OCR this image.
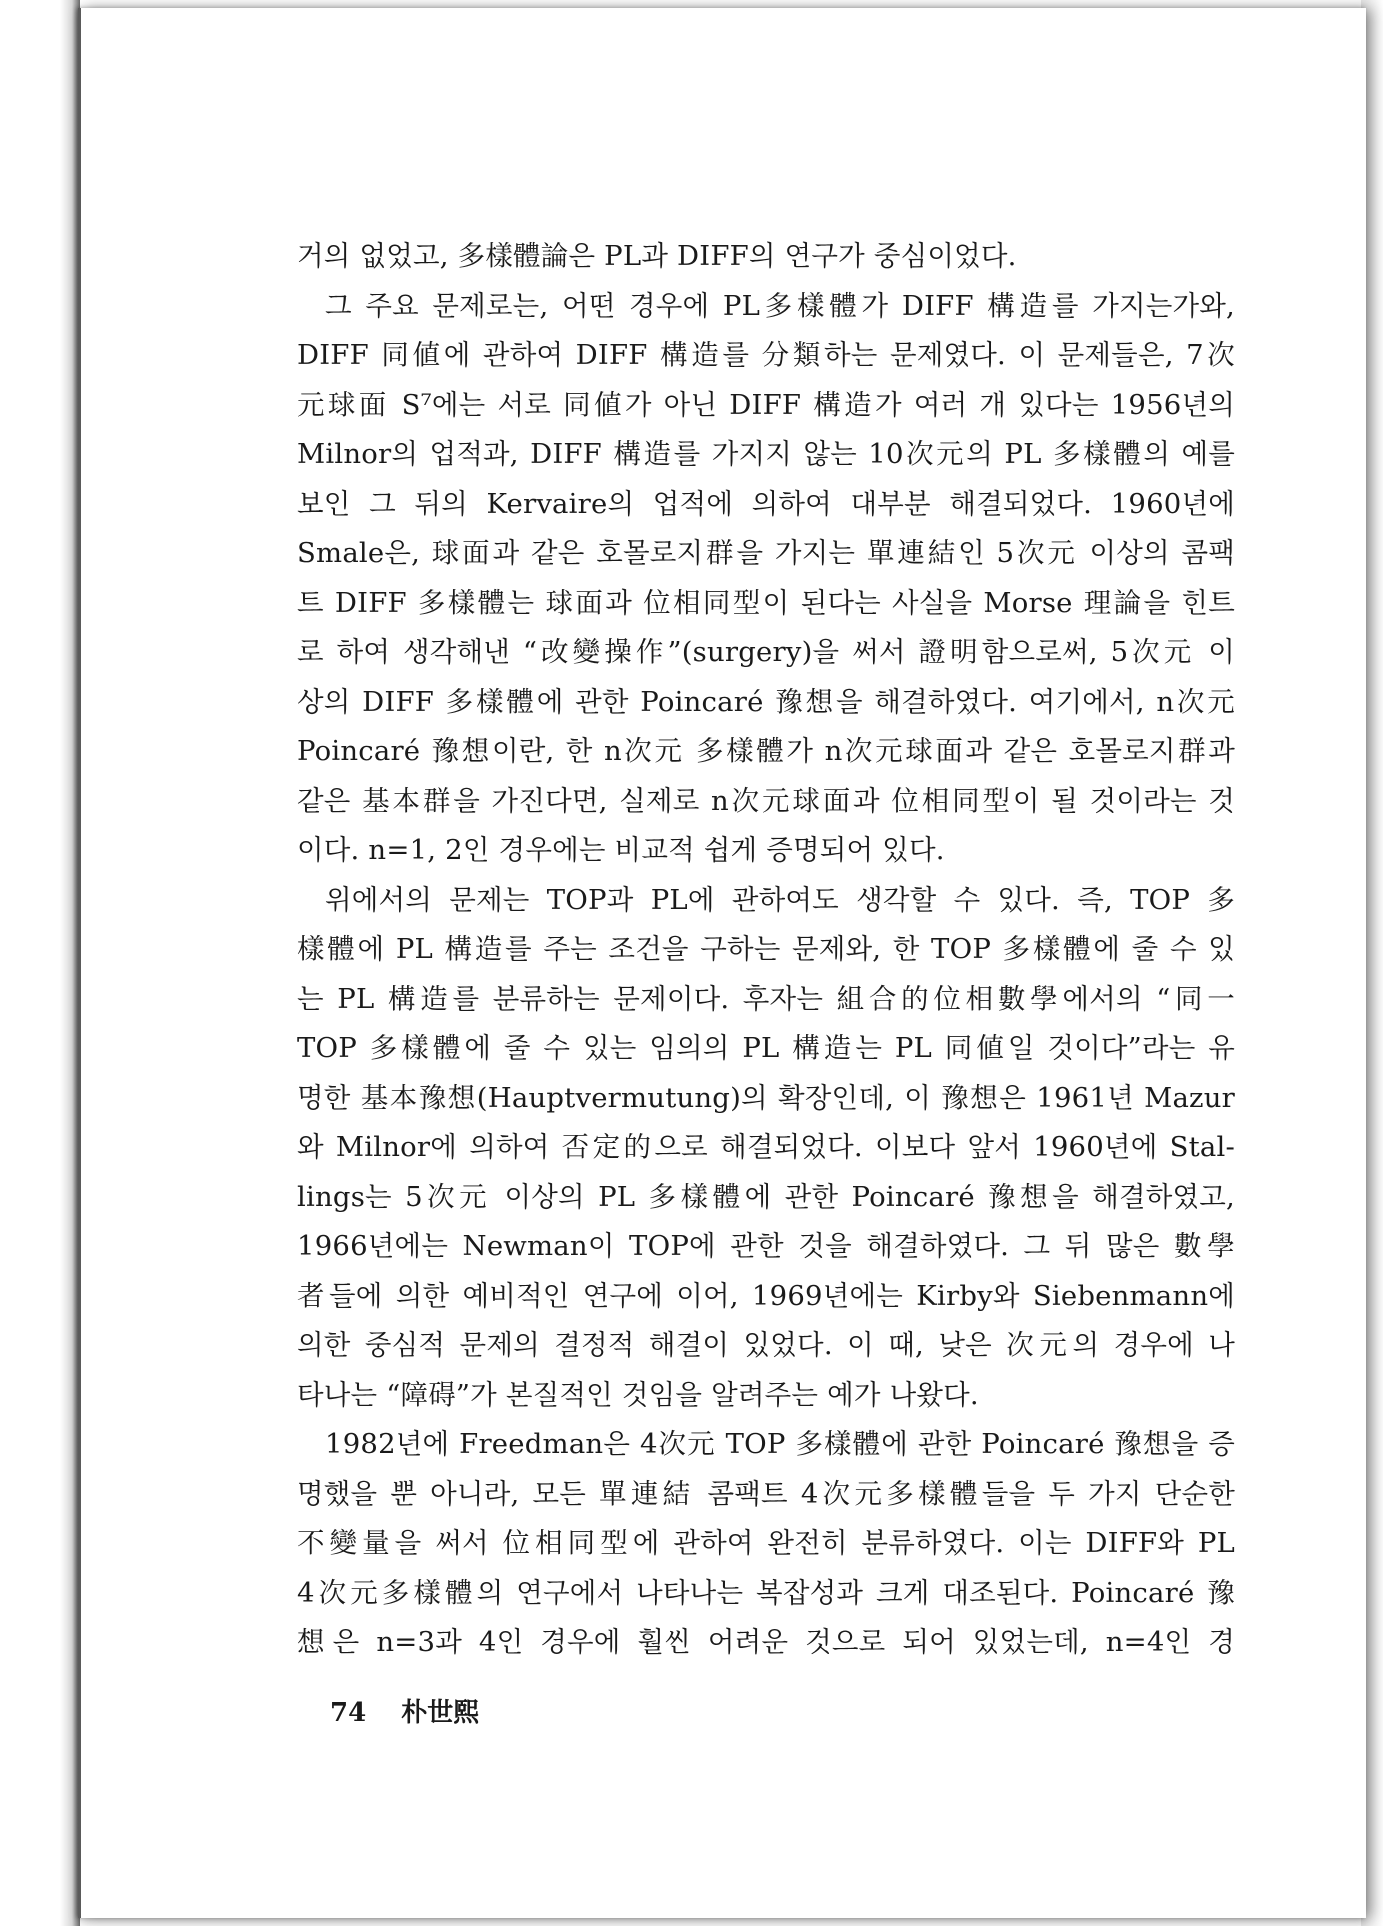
거의 없었고, 多樣體論은 PL과 DIFF의 연구가 중심이었다.
그 주요 문제로는, 어떤 경우에 PL多樣體가 DIFF 構造를 가지는가와,
DIFF 同値에 관하여 DIFF 構造를 分類하는 문제였다. 이 문제들은, 7次
元球面 S⁷에는 서로 同値가 아닌 DIFF 構造가 여러 개 있다는 1956년의
Milnor의 업적과, DIFF 構造를 가지지 않는 10次元의 PL 多樣體의 예를
보인 그 뒤의 Kervaire의 업적에 의하여 대부분 해결되었다. 1960년에
Smale은, 球面과 같은 호몰로지群을 가지는 單連結인 5次元 이상의 콤팩
트 DIFF 多樣體는 球面과 位相同型이 된다는 사실을 Morse 理論을 힌트
로 하여 생각해낸 “改變操作”(surgery)을 써서 證明함으로써, 5次元 이
상의 DIFF 多樣體에 관한 Poincaré 豫想을 해결하였다. 여기에서, n次元
Poincaré 豫想이란, 한 n次元 多樣體가 n次元球面과 같은 호몰로지群과
같은 基本群을 가진다면, 실제로 n次元球面과 位相同型이 될 것이라는 것
이다. n=1, 2인 경우에는 비교적 쉽게 증명되어 있다.
위에서의 문제는 TOP과 PL에 관하여도 생각할 수 있다. 즉, TOP 多
樣體에 PL 構造를 주는 조건을 구하는 문제와, 한 TOP 多樣體에 줄 수 있
는 PL 構造를 분류하는 문제이다. 후자는 組合的位相數學에서의 “同一
TOP 多樣體에 줄 수 있는 임의의 PL 構造는 PL 同値일 것이다”라는 유
명한 基本豫想(Hauptvermutung)의 확장인데, 이 豫想은 1961년 Mazur
와 Milnor에 의하여 否定的으로 해결되었다. 이보다 앞서 1960년에 Stal-
lings는 5次元 이상의 PL 多樣體에 관한 Poincaré 豫想을 해결하였고,
1966년에는 Newman이 TOP에 관한 것을 해결하였다. 그 뒤 많은 數學
者들에 의한 예비적인 연구에 이어, 1969년에는 Kirby와 Siebenmann에
의한 중심적 문제의 결정적 해결이 있었다. 이 때, 낮은 次元의 경우에 나
타나는 “障碍”가 본질적인 것임을 알려주는 예가 나왔다.
1982년에 Freedman은 4次元 TOP 多樣體에 관한 Poincaré 豫想을 증
명했을 뿐 아니라, 모든 單連結 콤팩트 4次元多樣體들을 두 가지 단순한
不變量을 써서 位相同型에 관하여 완전히 분류하였다. 이는 DIFF와 PL
4次元多樣體의 연구에서 나타나는 복잡성과 크게 대조된다. Poincaré 豫
想은 n=3과 4인 경우에 훨씬 어려운 것으로 되어 있었는데, n=4인 경
74 朴世熙
